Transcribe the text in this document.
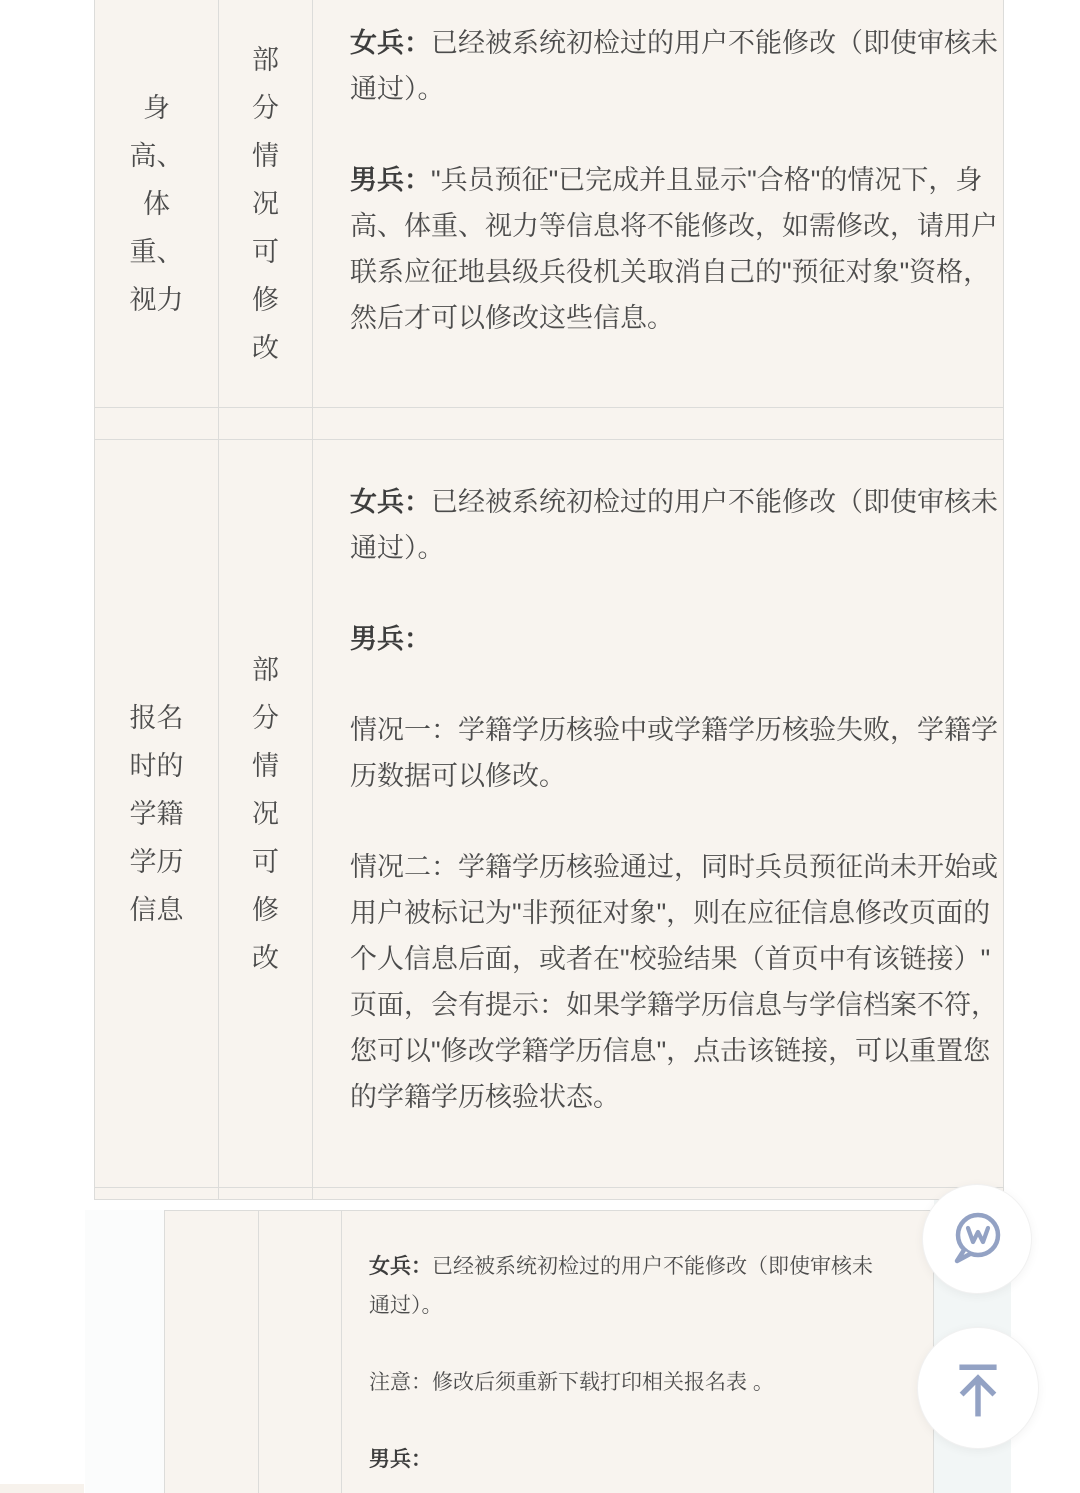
身
高、
体
重、
视力
部
分
情
况
可
修
改
女兵：已经被系统初检过的用户不能修改（即使审核未
通过）。
男兵："兵员预征"已完成并且显示"合格"的情况下，身
高、体重、视力等信息将不能修改，如需修改，请用户
联系应征地县级兵役机关取消自己的"预征对象"资格，
然后才可以修改这些信息。
报名
时的
学籍
学历
信息
部
分
情
况
可
修
改
女兵：已经被系统初检过的用户不能修改（即使审核未
通过）。
男兵：
情况一：学籍学历核验中或学籍学历核验失败，学籍学
历数据可以修改。
情况二：学籍学历核验通过，同时兵员预征尚未开始或
用户被标记为"非预征对象"，则在应征信息修改页面的
个人信息后面，或者在"校验结果（首页中有该链接）"
页面，会有提示：如果学籍学历信息与学信档案不符，
您可以"修改学籍学历信息"，点击该链接，可以重置您
的学籍学历核验状态。
女兵：已经被系统初检过的用户不能修改（即使审核未
通过）。
注意：修改后须重新下载打印相关报名表 。
男兵：
